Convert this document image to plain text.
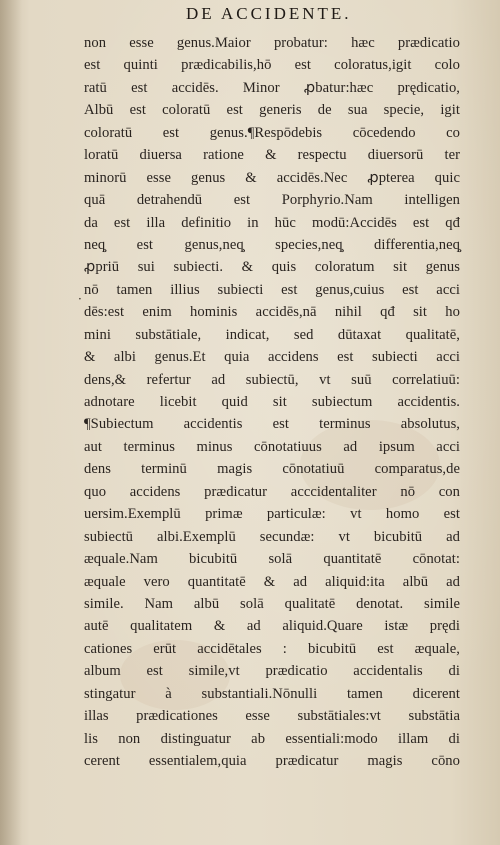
DE ACCIDENTE.
·
non esse genus.Maior probatur: hæc prædicatio
est quinti prædicabilis,hō est coloratus,igit colo
ratū est accidēs. Minor ꝓbatur:hæc prędicatio,
Albū est coloratū est generis de sua specie, igit
coloratū est genus.¶Respōdebis cōcedendo co
loratū diuersa ratione & respectu diuersorū ter
minorū esse genus & accidēs.Nec ꝓpterea quic
quā detrahendū est Porphyrio.Nam intelligen
da est illa definitio in hūc modū:Accidēs est qđ
neq̧ est genus,neq̧ species,neq̧ differentia,neq̧
ꝓpriū sui subiecti. & quis coloratum sit genus
nō tamen illius subiecti est genus,cuius est acci
dēs:est enim hominis accidēs,nā nihil qđ sit ho
mini substātiale, indicat, sed dūtaxat qualitatē,
& albi genus.Et quia accidens est subiecti acci
dens,& refertur ad subiectū, vt suū correlatiuū:
adnotare licebit quid sit subiectum accidentis.
¶Subiectum accidentis est terminus absolutus,
aut terminus minus cōnotatiuus ad ipsum acci
dens terminū magis cōnotatiuū comparatus,de
quo accidens prædicatur acccidentaliter nō con
uersim.Exemplū primæ particulæ: vt homo est
subiectū albi.Exemplū secundæ: vt bicubitū ad
æquale.Nam bicubitū solā quantitatē cōnotat:
æquale vero quantitatē & ad aliquid:ita albū ad
simile. Nam albū solā qualitatē denotat. simile
autē qualitatem & ad aliquid.Quare istæ prędi
cationes erūt accidētales : bicubitū est æquale,
album est simile,vt prædicatio accidentalis di
stingatur à substantiali.Nōnulli tamen dicerent
illas prædicationes esse substātiales:vt substātia
lis non distinguatur ab essentiali:modo illam di
cerent essentialem,quia prædicatur magis cōno
